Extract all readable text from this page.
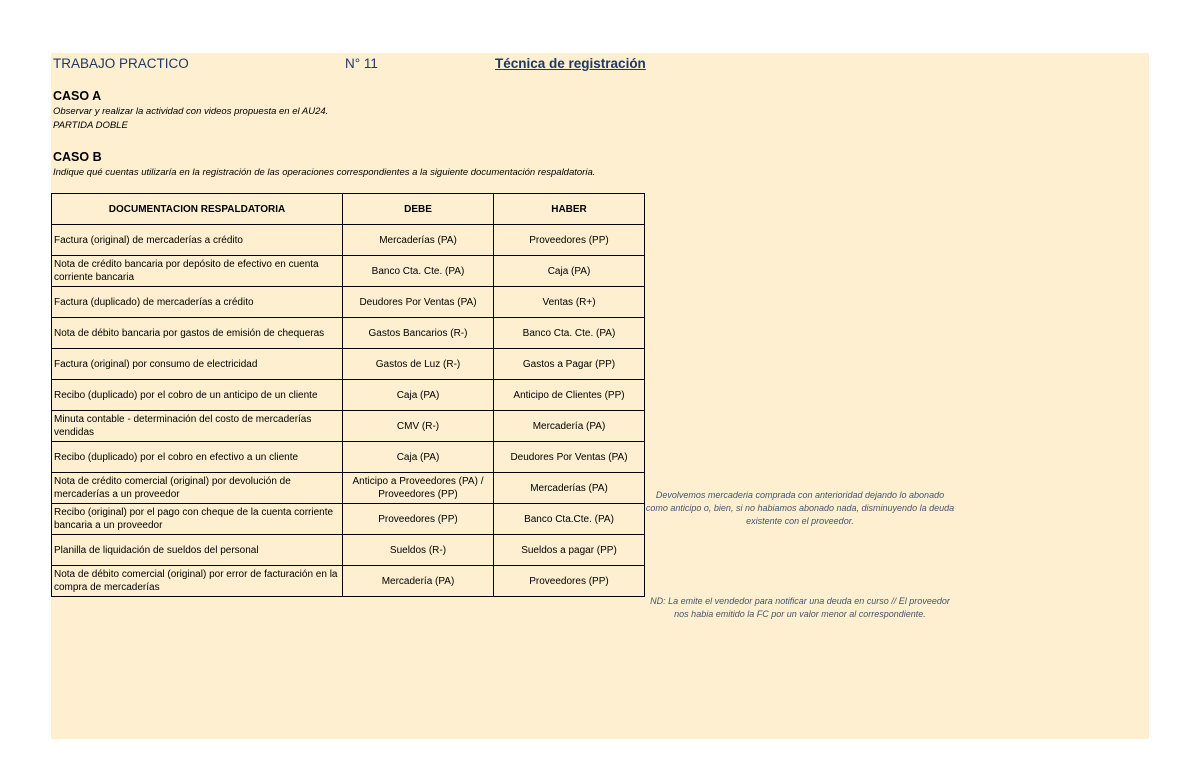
TRABAJO PRACTICO	N° 11	Técnica de registración
CASO A
Observar y realizar la actividad con videos propuesta en el AU24.
PARTIDA DOBLE
CASO B
Indique qué cuentas utilizaría en la registración de las operaciones correspondientes a la siguiente documentación respaldatoria.
DOCUMENTACION RESPALDATORIA	DEBE	HABER
Factura (original) de mercaderías a crédito	Mercaderías (PA)	Proveedores (PP)
Nota de crédito bancaria por depósito de efectivo en cuenta corriente bancaria	Banco Cta. Cte. (PA)	Caja (PA)
Factura (duplicado) de mercaderías a crédito	Deudores Por Ventas (PA)	Ventas (R+)
Nota de débito bancaria por gastos de emisión de chequeras	Gastos Bancarios (R-)	Banco Cta. Cte. (PA)
Factura (original) por consumo de electricidad	Gastos de Luz (R-)	Gastos a Pagar (PP)
Recibo (duplicado) por el cobro de un anticipo de un cliente	Caja (PA)	Anticipo de Clientes (PP)
Minuta contable - determinación del costo de mercaderías vendidas	CMV (R-)	Mercadería (PA)
Recibo (duplicado) por el cobro en efectivo a un cliente	Caja (PA)	Deudores Por Ventas (PA)
Nota de crédito comercial (original) por devolución de mercaderías a un proveedor	Anticipo a Proveedores (PA) / Proveedores (PP)	Mercaderías (PA)
Recibo (original) por el pago con cheque de la cuenta corriente bancaria a un proveedor	Proveedores (PP)	Banco Cta.Cte. (PA)
Planilla de liquidación de sueldos del personal	Sueldos (R-)	Sueldos a pagar (PP)
Nota de débito comercial (original) por error de facturación en la compra de mercaderías	Mercadería (PA)	Proveedores (PP)
Devolvemos mercaderia comprada con anterioridad dejando lo abonado como anticipo o, bien, si no habiamos abonado nada, disminuyendo la deuda existente con el proveedor.
ND: La emite el vendedor para notificar una deuda en curso // El proveedor nos habia emitido la FC por un valor menor al correspondiente.
